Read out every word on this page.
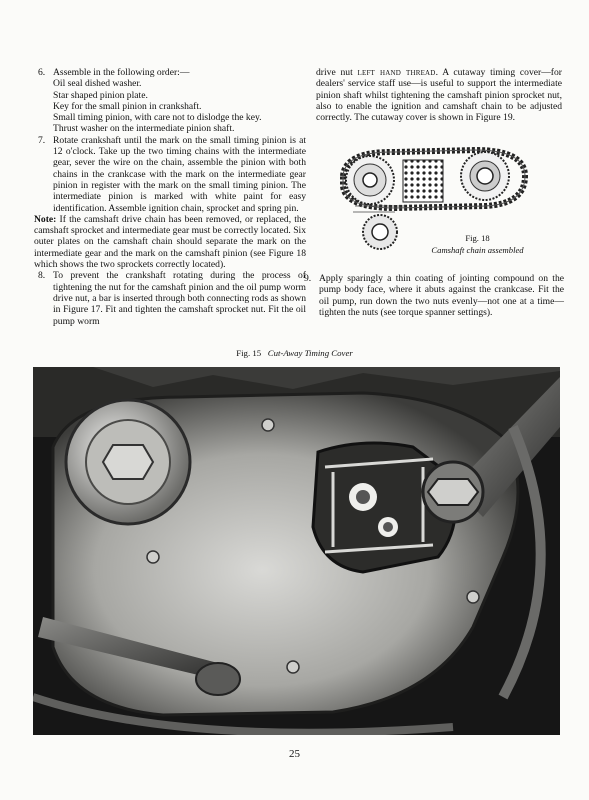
6. Assemble in the following order:—
Oil seal dished washer.
Star shaped pinion plate.
Key for the small pinion in crankshaft.
Small timing pinion, with care not to dislodge the key.
Thrust washer on the intermediate pinion shaft.
7. Rotate crankshaft until the mark on the small timing pinion is at 12 o'clock. Take up the two timing chains with the intermediate gear, sever the wire on the chain, assemble the pinion with both chains in the crankcase with the mark on the intermediate gear pinion in register with the mark on the small timing pinion. The intermediate pinion is marked with white paint for easy identification. Assemble ignition chain, sprocket and spring pin.
Note: If the camshaft drive chain has been removed, or replaced, the camshaft sprocket and intermediate gear must be correctly located. Six outer plates on the camshaft chain should separate the mark on the intermediate gear and the mark on the camshaft pinion (see Figure 18 which shows the two sprockets correctly located).
8. To prevent the crankshaft rotating during the process of tightening the nut for the camshaft pinion and the oil pump worm drive nut, a bar is inserted through both connecting rods as shown in Figure 17. Fit and tighten the camshaft sprocket nut. Fit the oil pump worm
drive nut left hand thread. A cutaway timing cover—for dealers' service staff use—is useful to support the intermediate pinion shaft whilst tightening the camshaft pinion sprocket nut, also to enable the ignition and camshaft chain to be adjusted correctly. The cutaway cover is shown in Figure 19.
9. Apply sparingly a thin coating of jointing compound on the pump body face, where it abuts against the crankcase. Fit the oil pump, run down the two nuts evenly—not one at a time—tighten the nuts (see torque spanner settings).
Fig. 18
Camshaft chain assembled
Fig. 15 Cut-Away Timing Cover
25
